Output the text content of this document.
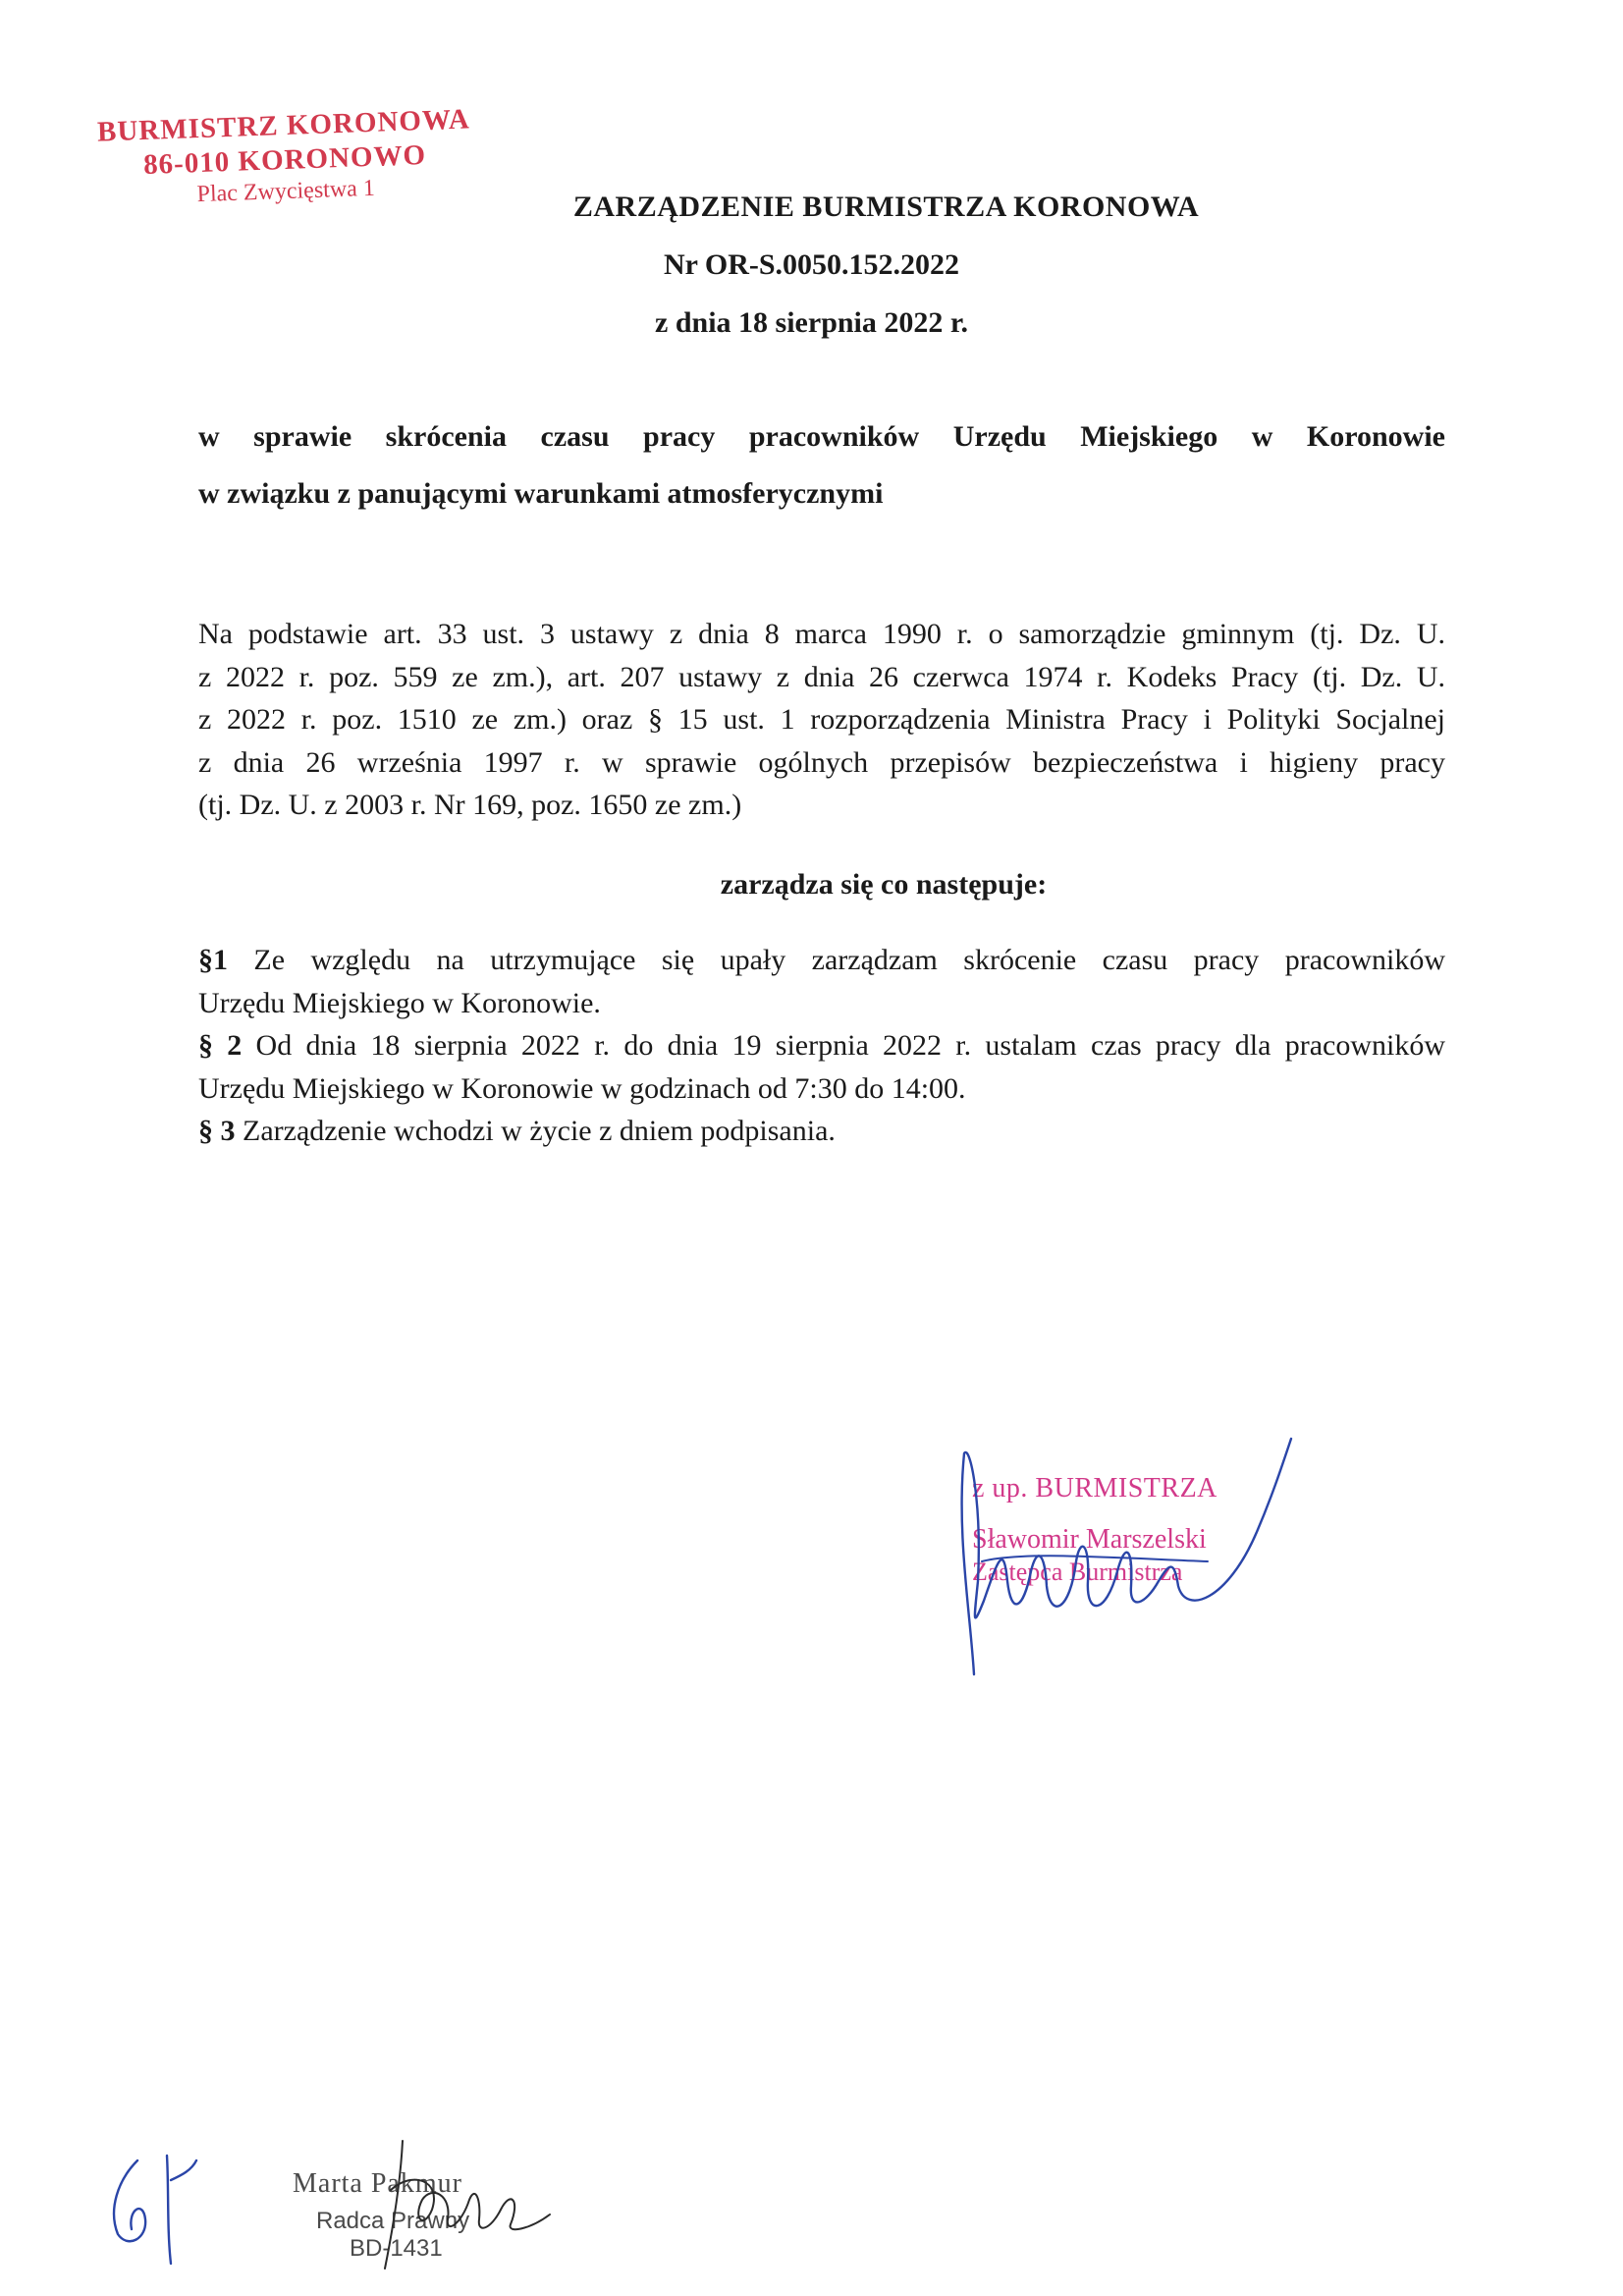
BURMISTRZ KORONOWA
86-010 KORONOWO
Plac Zwycięstwa 1	ZARZĄDZENIE BURMISTRZA KORONOWA
Nr OR-S.0050.152.2022
z dnia 18 sierpnia 2022 r.
w sprawie skrócenia czasu pracy pracowników Urzędu Miejskiego w Koronowie
w związku z panującymi warunkami atmosferycznymi

Na podstawie art. 33 ust. 3 ustawy z dnia 8 marca 1990 r. o samorządzie gminnym (tj. Dz. U.

z 2022 r. poz. 559 ze zm.), art. 207 ustawy z dnia 26 czerwca 1974 r. Kodeks Pracy (tj. Dz. U.

z 2022 r. poz. 1510 ze zm.) oraz § 15 ust. 1 rozporządzenia Ministra Pracy i Polityki Socjalnej

z dnia 26 września 1997 r. w sprawie ogólnych przepisów bezpieczeństwa i higieny pracy

(tj. Dz. U. z 2003 r. Nr 169, poz. 1650 ze zm.)

zarządza się co następuje:

§1 Ze względu na utrzymujące się upały zarządzam skrócenie czasu pracy pracowników

Urzędu Miejskiego w Koronowie.

§ 2 Od dnia 18 sierpnia 2022 r. do dnia 19 sierpnia 2022 r. ustalam czas pracy dla pracowników

Urzędu Miejskiego w Koronowie w godzinach od 7:30 do 14:00.

§ 3 Zarządzenie wchodzi w życie z dniem podpisania.

z up. BURMISTRZA
Sławomir Marszelski
Zastępca Burmistrza
Marta Pakmur
Radca Prawny
BD-1431
